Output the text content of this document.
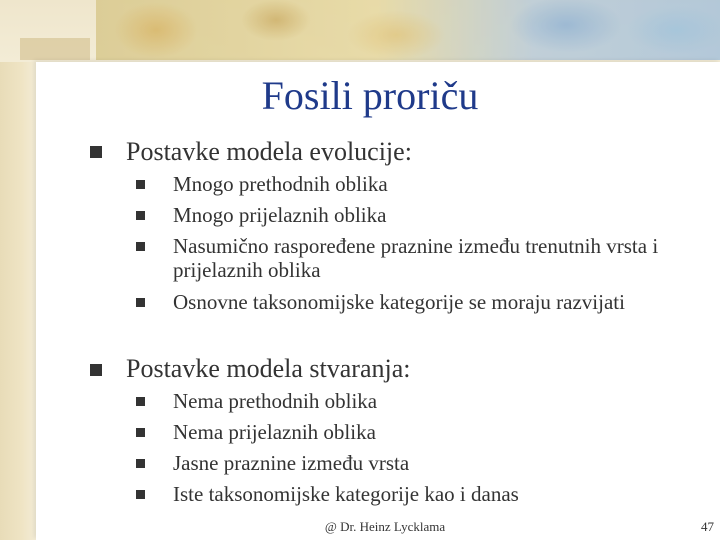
Fosili proriču
Postavke modela evolucije:
Mnogo prethodnih oblika
Mnogo prijelaznih oblika
Nasumično raspoređene praznine između trenutnih vrsta i prijelaznih oblika
Osnovne taksonomijske kategorije se moraju razvijati
Postavke modela stvaranja:
Nema prethodnih oblika
Nema prijelaznih oblika
Jasne praznine između vrsta
Iste taksonomijske kategorije kao i danas
@ Dr. Heinz Lycklama	47
